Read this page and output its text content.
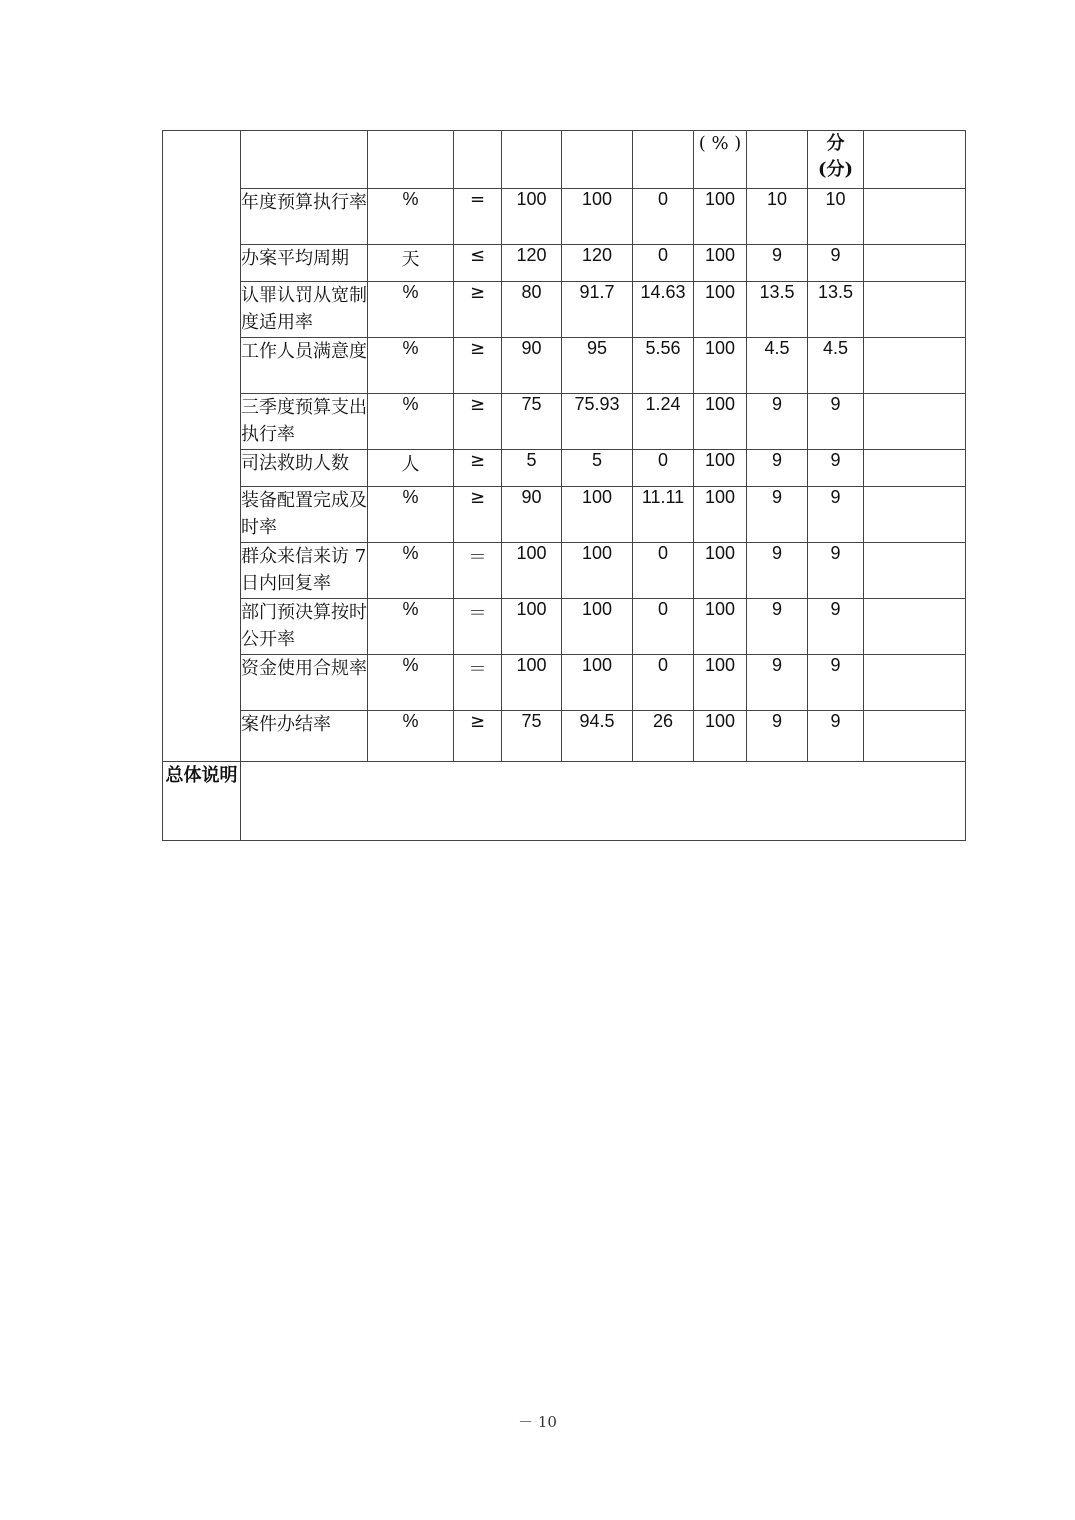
							( % )		分 (分)	
	年度预算执行率	%	=	100	100	0	100	10	10	
	办案平均周期	天	≤	120	120	0	100	9	9	
	认罪认罚从宽制度适用率	%	≥	80	91.7	14.63	100	13.5	13.5	
	工作人员满意度	%	≥	90	95	5.56	100	4.5	4.5	
	三季度预算支出执行率	%	≥	75	75.93	1.24	100	9	9	
	司法救助人数	人	≥	5	5	0	100	9	9	
	装备配置完成及时率	%	≥	90	100	11.11	100	9	9	
	群众来信来访 7 日内回复率	%	＝	100	100	0	100	9	9	
	部门预决算按时公开率	%	＝	100	100	0	100	9	9	
	资金使用合规率	%	＝	100	100	0	100	9	9	
	案件办结率	%	≥	75	94.5	26	100	9	9	
总体说明										
－ 10
